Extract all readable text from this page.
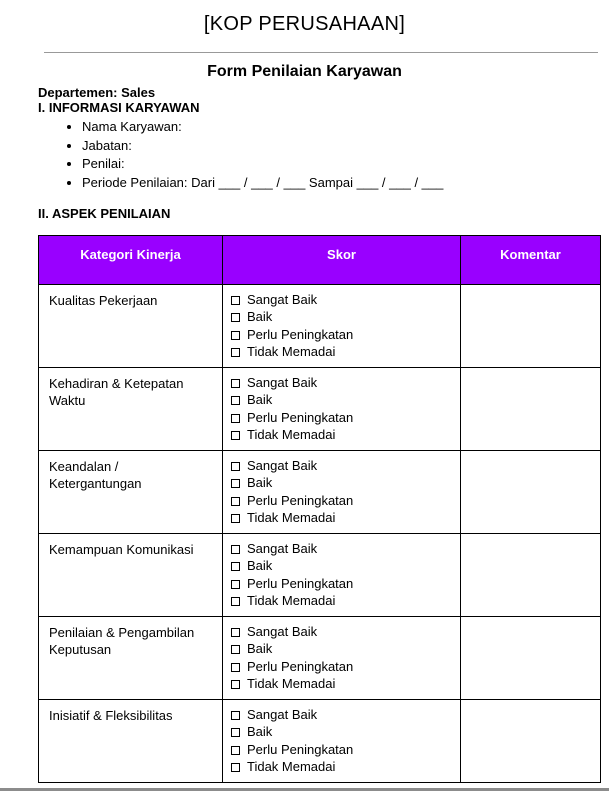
[KOP PERUSAHAAN]
Form Penilaian Karyawan
Departemen: Sales
I. INFORMASI KARYAWAN
• Nama Karyawan:
• Jabatan:
• Penilai:
• Periode Penilaian: Dari ___ / ___ / ___ Sampai ___ / ___ / ___
II. ASPEK PENILAIAN
Kategori Kinerja	Skor	Komentar
Kualitas Pekerjaan	Sangat Baik
Baik
Perlu Peningkatan
Tidak Memadai	

Kehadiran & Ketepatan Waktu	Sangat Baik
Baik
Perlu Peningkatan
Tidak Memadai	

Keandalan / Ketergantungan	Sangat Baik
Baik
Perlu Peningkatan
Tidak Memadai	

Kemampuan Komunikasi	Sangat Baik
Baik
Perlu Peningkatan
Tidak Memadai	

Penilaian & Pengambilan Keputusan	Sangat Baik
Baik
Perlu Peningkatan
Tidak Memadai	

Inisiatif & Fleksibilitas	Sangat Baik
Baik
Perlu Peningkatan
Tidak Memadai	
